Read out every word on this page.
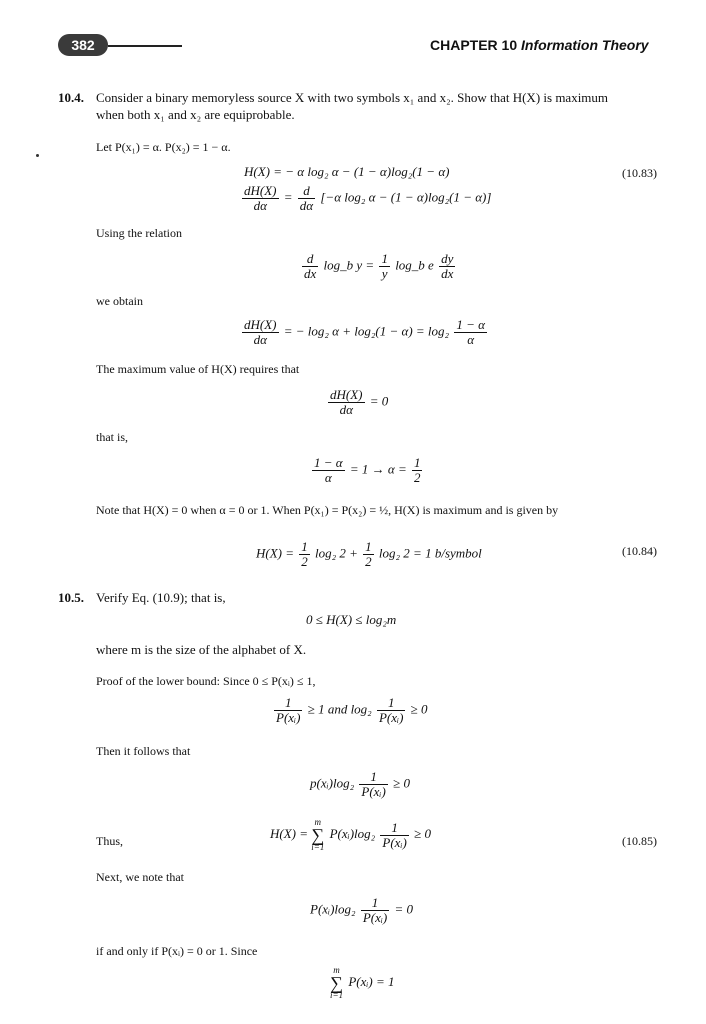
382	CHAPTER 10 Information Theory
10.4. Consider a binary memoryless source X with two symbols x₁ and x₂. Show that H(X) is maximum
when both x₁ and x₂ are equiprobable.
Let P(x₁) = α. P(x₂) = 1 − α.
H(X) = − α log₂ α − (1 − α)log₂(1 − α)	(10.83)
$\frac{dH(X)}{d\alpha} = \frac{d}{d\alpha} [-\alpha$ log₂ α − (1 − α)log₂(1 − α)]
Using the relation
$\frac{d}{dx}$ log_b $y = \frac{1}{y}$ log_b e $\frac{dy}{dx}$
we obtain
$\frac{dH(X)}{d\alpha}$ = − log₂ $\alpha + \log_2(1 - \alpha) = \log_2 \frac{1 - \alpha}{\alpha}$
The maximum value of H(X) requires that
$\frac{dH(X)}{d\alpha} = 0$
that is,
$\frac{1 - \alpha}{\alpha} = 1 \to \alpha = \frac{1}{2}$
Note that H(X) = 0 when α = 0 or 1. When P(x₁) = P(x₂) = ½, H(X) is maximum and is given by
$H(X) = \frac{1}{2} \log_2$ $2 + \frac{1}{2} \log_2$ 2 = 1 b/symbol	(10.84)
10.5. Verify Eq. (10.9); that is,
0 ≤ H(X) ≤ log₂m
where m is the size of the alphabet of X.
Proof of the lower bound: Since 0 ≤ P(xᵢ) ≤ 1,
$\frac{1}{\text{P(xᵢ)}} \ge 1$ and $\log_2 \frac{1}{\text{P(xᵢ)}} \ge 0$
Then it follows that
p(xᵢ)log₂ $\frac{1}{\text{P(xᵢ)}} \ge 0$
Thus,
H(X) =
m
∑
i=1
P(xᵢ)log₂ $\frac{1}{\text{P(xᵢ)}} \ge 0$
(10.85)
Next, we note that
P(xᵢ)log₂ $\frac{1}{\text{P(xᵢ)}} = 0$
if and only if P(xᵢ) = 0 or 1. Since
m
∑
i=1
P(xᵢ) = 1
